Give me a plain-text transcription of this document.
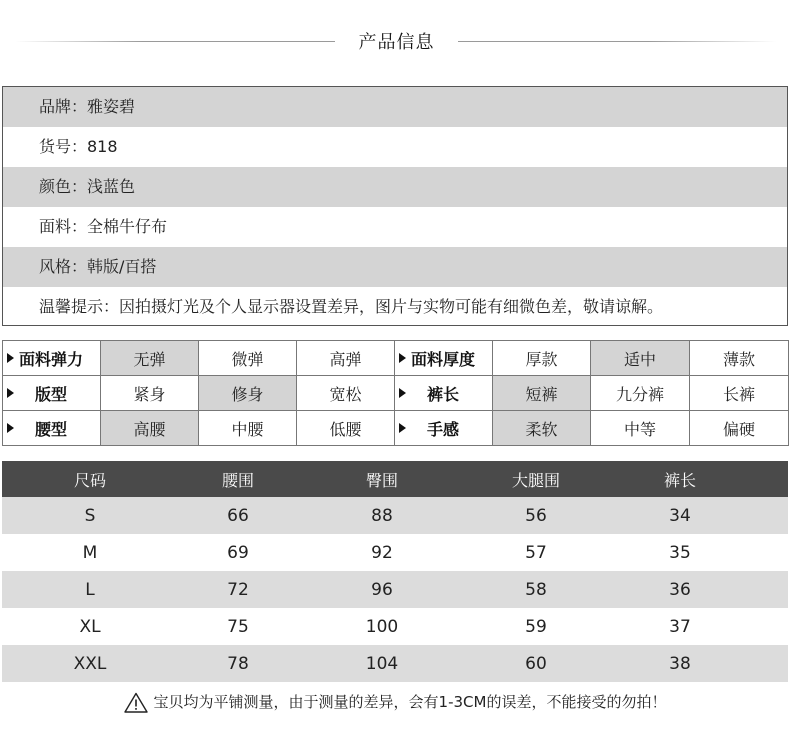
产品信息
品牌：雅姿碧
货号：818
颜色：浅蓝色
面料：全棉牛仔布
风格：韩版/百搭
温馨提示：因拍摄灯光及个人显示器设置差异，图片与实物可能有细微色差，敬请谅解。
面料弹力	无弹	微弹	高弹	面料厚度	厚款	适中	薄款
版型	紧身	修身	宽松	裤长	短裤	九分裤	长裤
腰型	高腰	中腰	低腰	手感	柔软	中等	偏硬
尺码	腰围	臀围	大腿围	裤长
S	66	88	56	34
M	69	92	57	35
L	72	96	58	36
XL	75	100	59	37
XXL	78	104	60	38
宝贝均为平铺测量，由于测量的差异，会有1-3CM的误差，不能接受的勿拍！
